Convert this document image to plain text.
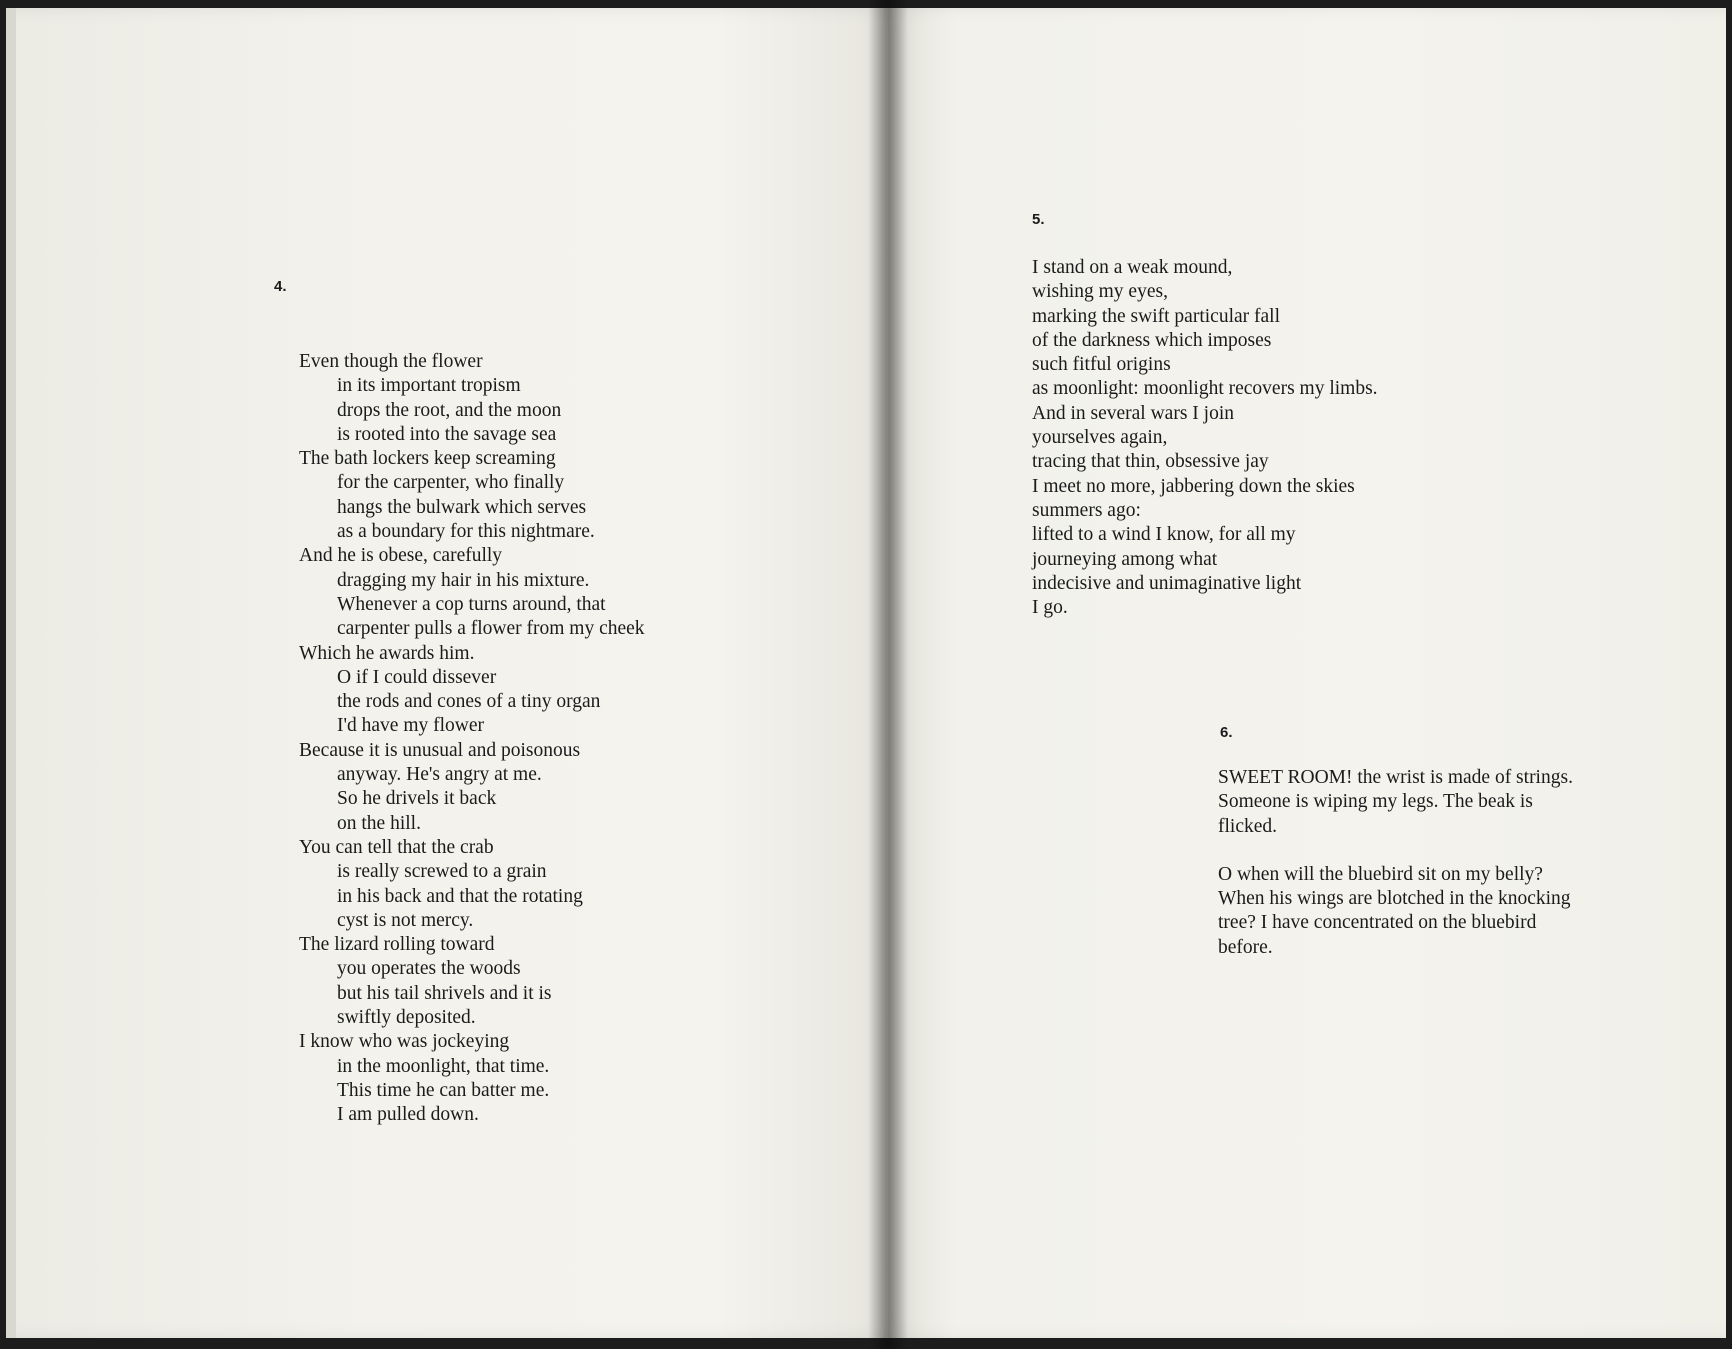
4.
Even though the flower
in its important tropism
drops the root, and the moon
is rooted into the savage sea
The bath lockers keep screaming
for the carpenter, who finally
hangs the bulwark which serves
as a boundary for this nightmare.
And he is obese, carefully
dragging my hair in his mixture.
Whenever a cop turns around, that
carpenter pulls a flower from my cheek
Which he awards him.
O if I could dissever
the rods and cones of a tiny organ
I'd have my flower
Because it is unusual and poisonous
anyway. He's angry at me.
So he drivels it back
on the hill.
You can tell that the crab
is really screwed to a grain
in his back and that the rotating
cyst is not mercy.
The lizard rolling toward
you operates the woods
but his tail shrivels and it is
swiftly deposited.
I know who was jockeying
in the moonlight, that time.
This time he can batter me.
I am pulled down.
5.
I stand on a weak mound,
wishing my eyes,
marking the swift particular fall
of the darkness which imposes
such fitful origins
as moonlight: moonlight recovers my limbs.
And in several wars I join
yourselves again,
tracing that thin, obsessive jay
I meet no more, jabbering down the skies
summers ago:
lifted to a wind I know, for all my
journeying among what
indecisive and unimaginative light
I go.
6.
SWEET ROOM! the wrist is made of strings.
Someone is wiping my legs. The beak is
flicked.
O when will the bluebird sit on my belly?
When his wings are blotched in the knocking
tree? I have concentrated on the bluebird
before.
